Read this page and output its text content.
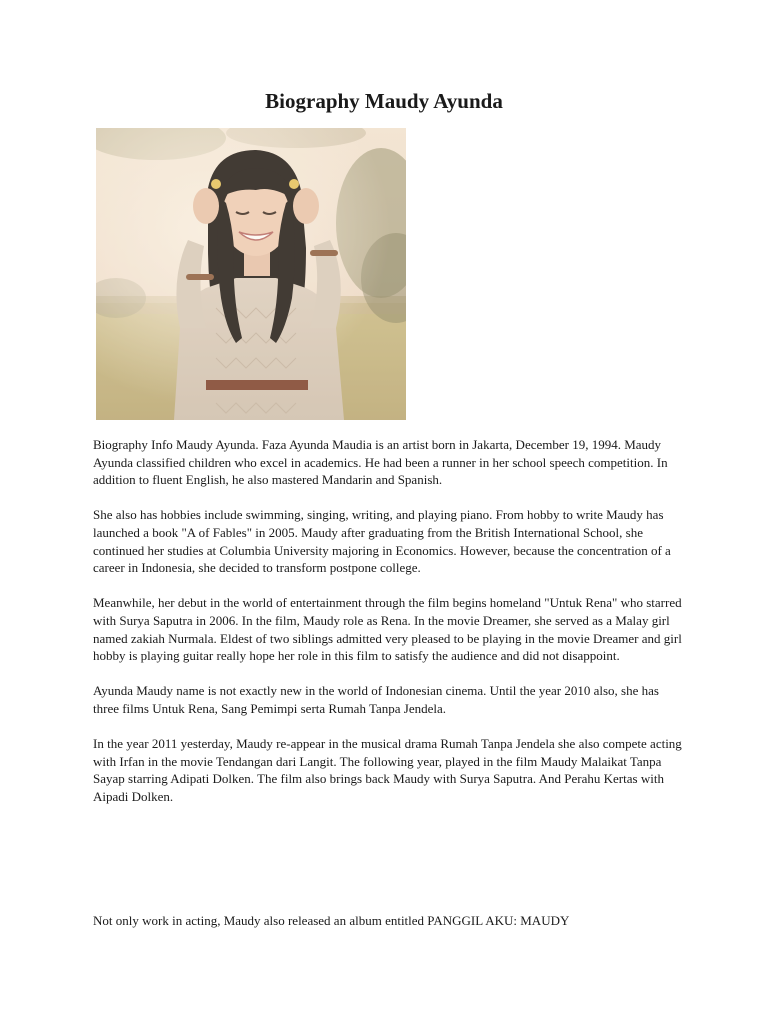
Biography Maudy Ayunda

Biography Info Maudy Ayunda. Faza Ayunda Maudia is an artist born in Jakarta, December 19, 1994. Maudy Ayunda classified children who excel in academics. He had been a runner in her school speech competition. In addition to fluent English, he also mastered Mandarin and Spanish.

She also has hobbies include swimming, singing, writing, and playing piano. From hobby to write Maudy has launched a book "A of Fables" in 2005. Maudy after graduating from the British International School, she continued her studies at Columbia University majoring in Economics. However, because the concentration of a career in Indonesia, she decided to transform postpone college.

Meanwhile, her debut in the world of entertainment through the film begins homeland "Untuk Rena" who starred with Surya Saputra in 2006. In the film, Maudy role as Rena. In the movie Dreamer, she served as a Malay girl named zakiah Nurmala. Eldest of two siblings admitted very pleased to be playing in the movie Dreamer and girl hobby is playing guitar really hope her role in this film to satisfy the audience and did not disappoint.

Ayunda Maudy name is not exactly new in the world of Indonesian cinema. Until the year 2010 also, she has three films Untuk Rena, Sang Pemimpi serta Rumah Tanpa Jendela.

In the year 2011 yesterday, Maudy re-appear in the musical drama Rumah Tanpa Jendela she also compete acting with Irfan in the movie Tendangan dari Langit. The following year, played in the film Maudy Malaikat Tanpa Sayap starring Adipati Dolken. The film also brings back Maudy with Surya Saputra. And Perahu Kertas with Aipadi Dolken.

Not only work in acting, Maudy also released an album entitled PANGGIL AKU: MAUDY
